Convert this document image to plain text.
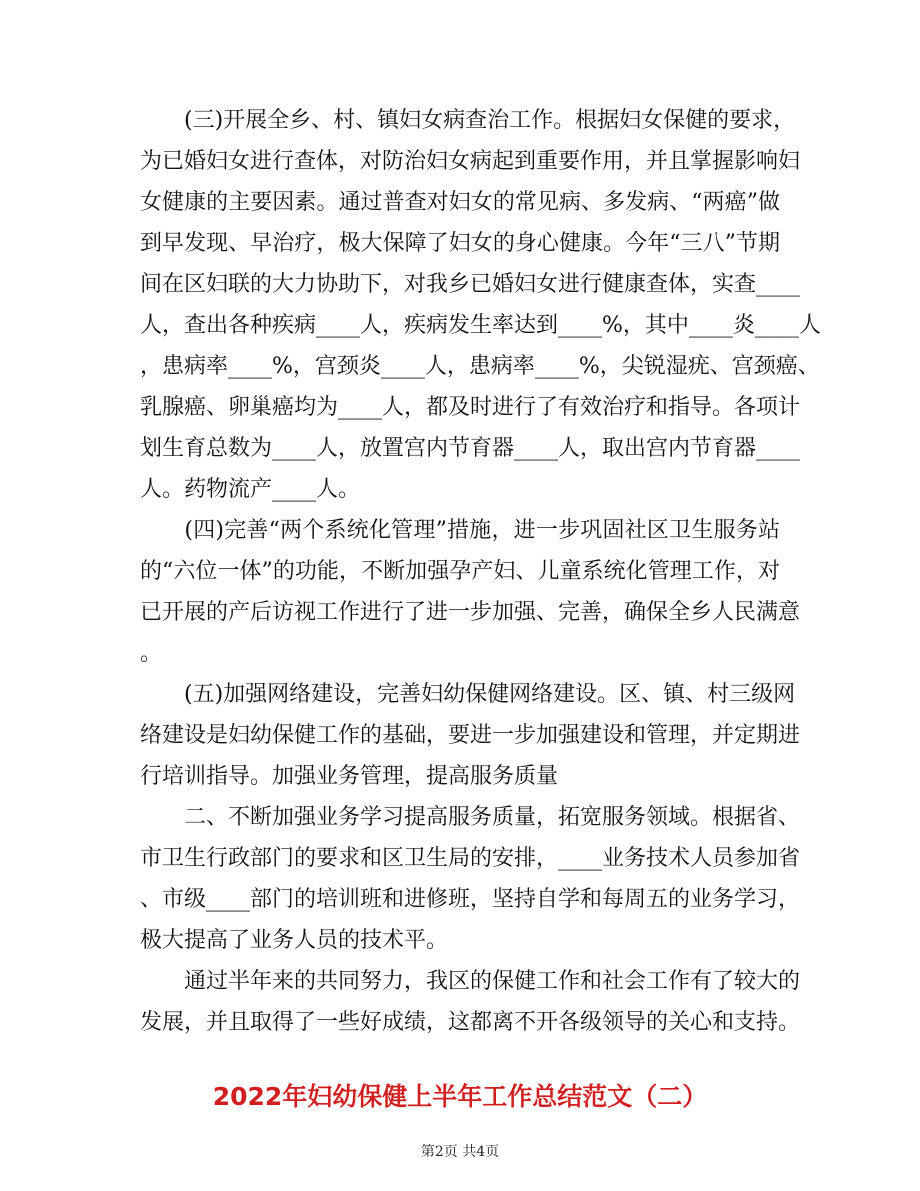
　　(三)开展全乡、村、镇妇女病查治工作。根据妇女保健的要求，
为已婚妇女进行查体，对防治妇女病起到重要作用，并且掌握影响妇
女健康的主要因素。通过普查对妇女的常见病、多发病、“两癌”做
到早发现、早治疗，极大保障了妇女的身心健康。今年“三八”节期
间在区妇联的大力协助下，对我乡已婚妇女进行健康查体，实查____
人，查出各种疾病____人，疾病发生率达到____%，其中____炎____人
，患病率____%，宫颈炎____人，患病率____%，尖锐湿疣、宫颈癌、
乳腺癌、卵巢癌均为____人，都及时进行了有效治疗和指导。各项计
划生育总数为____人，放置宫内节育器____人，取出宫内节育器____
人。药物流产____人。
　　(四)完善“两个系统化管理”措施，进一步巩固社区卫生服务站
的“六位一体”的功能，不断加强孕产妇、儿童系统化管理工作，对
已开展的产后访视工作进行了进一步加强、完善，确保全乡人民满意
。
　　(五)加强网络建设，完善妇幼保健网络建设。区、镇、村三级网
络建设是妇幼保健工作的基础，要进一步加强建设和管理，并定期进
行培训指导。加强业务管理，提高服务质量
　　二、不断加强业务学习提高服务质量，拓宽服务领域。根据省、
市卫生行政部门的要求和区卫生局的安排，____业务技术人员参加省
、市级____部门的培训班和进修班，坚持自学和每周五的业务学习，
极大提高了业务人员的技术平。
　　通过半年来的共同努力，我区的保健工作和社会工作有了较大的
发展，并且取得了一些好成绩，这都离不开各级领导的关心和支持。
2022年妇幼保健上半年工作总结范文（二）
第2页 共4页
